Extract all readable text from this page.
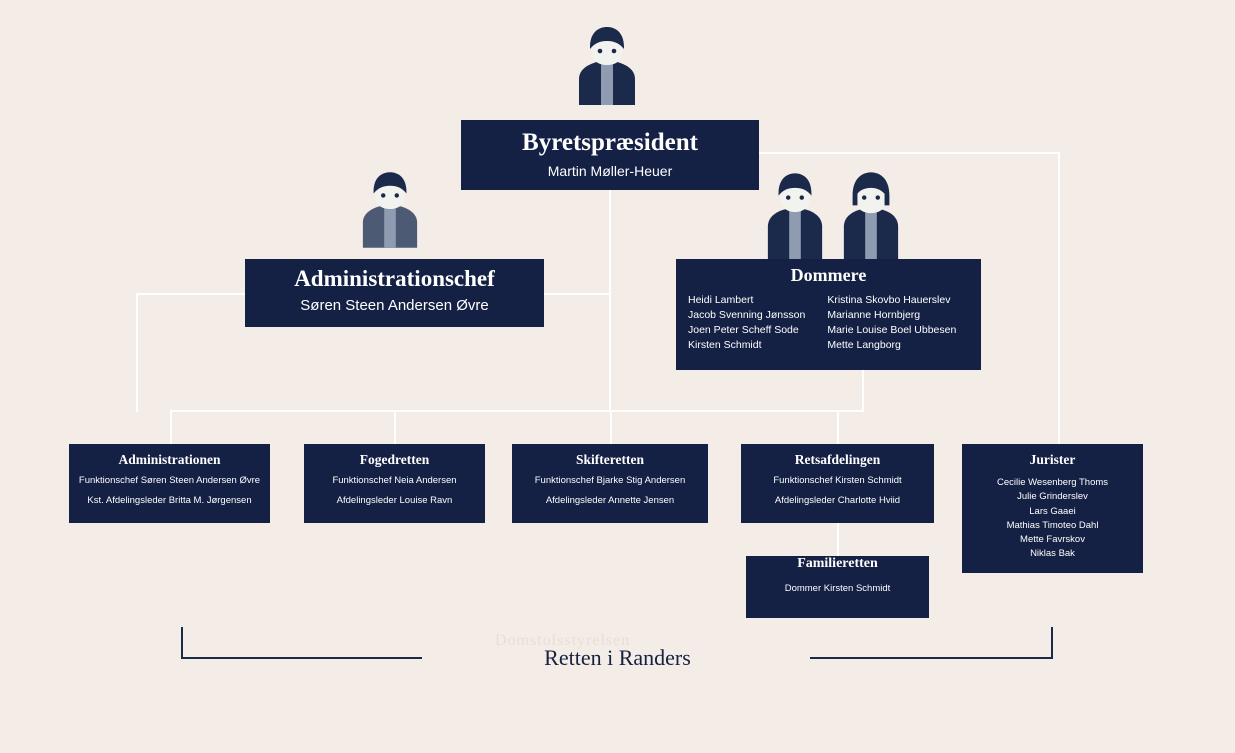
Byretspræsident
Martin Møller-Heuer
Administrationschef
Søren Steen Andersen Øvre
Dommere
Heidi Lambert
Jacob Svenning Jønsson
Joen Peter Scheff Sode
Kirsten Schmidt
Kristina Skovbo Hauerslev
Marianne Hornbjerg
Marie Louise Boel Ubbesen
Mette Langborg
Administrationen
Funktionschef Søren Steen Andersen Øvre
Kst. Afdelingsleder Britta M. Jørgensen
Fogedretten
Funktionschef Neia Andersen
Afdelingsleder Louise Ravn
Skifteretten
Funktionschef Bjarke Stig Andersen
Afdelingsleder Annette Jensen
Retsafdelingen
Funktionschef Kirsten Schmidt
Afdelingsleder Charlotte Hviid
Familieretten
Dommer Kirsten Schmidt
Jurister
Cecilie Wesenberg Thoms
Julie Grinderslev
Lars Gaaei
Mathias Timoteo Dahl
Mette Favrskov
Niklas Bak
Domstolsstyrelsen
Retten i Randers
